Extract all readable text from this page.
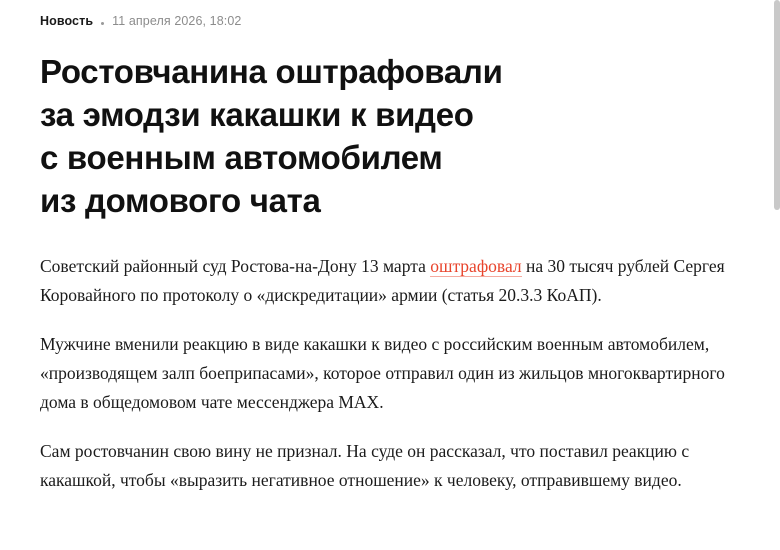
Новость 11 апреля 2026, 18:02
Ростовчанина оштрафовали
за эмодзи какашки к видео
с военным автомобилем
из домового чата

Советский районный суд Ростова-на-Дону 13 марта оштрафовал на 30 тысяч рублей Сергея Коровайного по протоколу о «дискредитации» армии (статья 20.3.3 КоАП).

Мужчине вменили реакцию в виде какашки к видео с российским военным автомобилем, «производящем залп боеприпасами», которое отправил один из жильцов многоквартирного дома в общедомовом чате мессенджера MAX.

Сам ростовчанин свою вину не признал. На суде он рассказал, что поставил реакцию с какашкой, чтобы «выразить негативное отношение» к человеку, отправившему видео.
